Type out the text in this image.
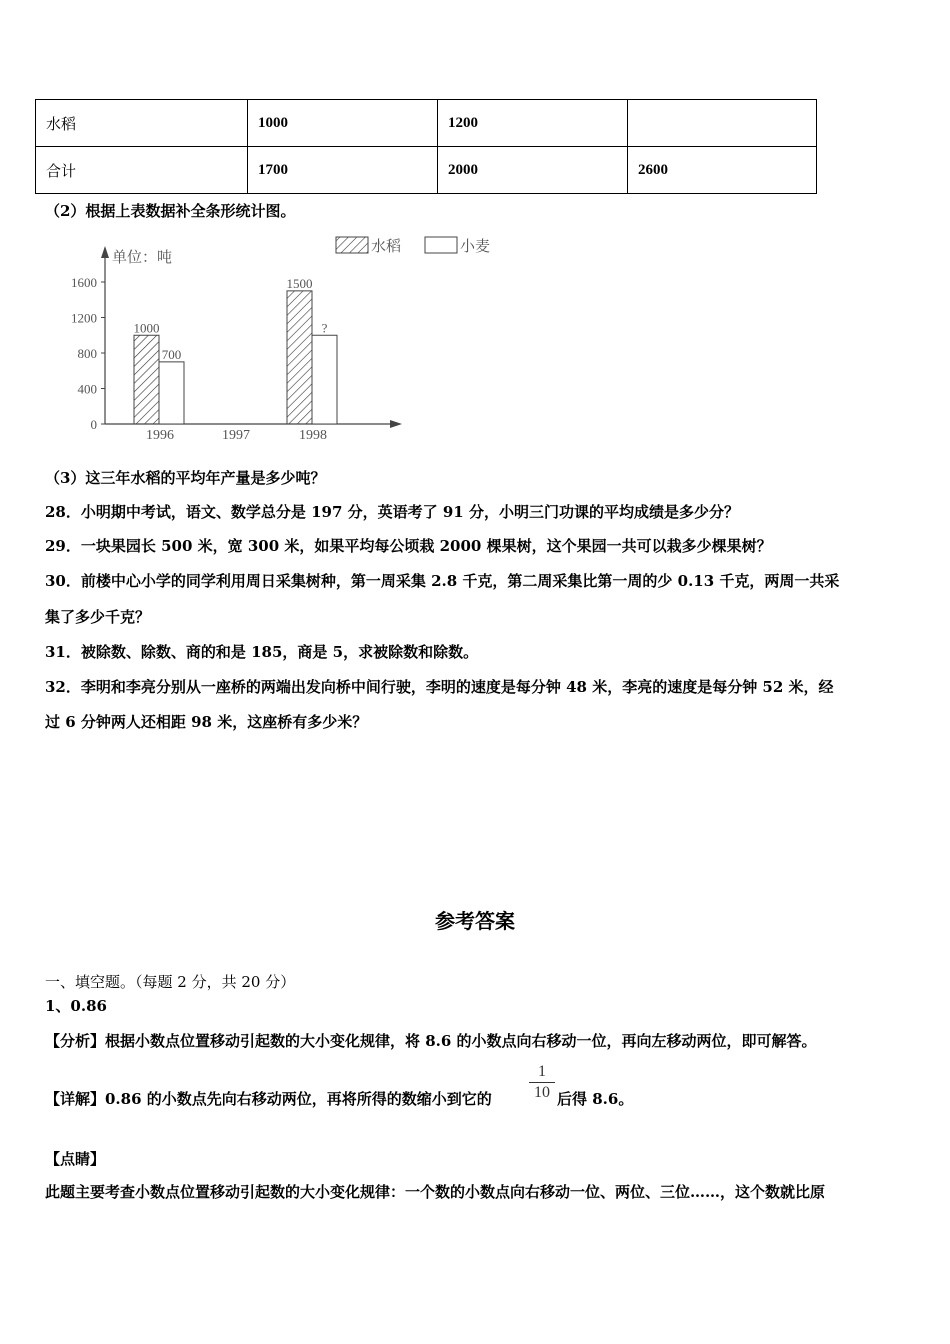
水稻	1000	1200	
合计	1700	2000	2600
（2）根据上表数据补全条形统计图。
单位：吨
水稻	小麦
0
400
800
1200
1600
1996	1997	1998
1000
1500
700
?
（3）这三年水稻的平均年产量是多少吨？
28．小明期中考试，语文、数学总分是 197 分，英语考了 91 分，小明三门功课的平均成绩是多少分？
29．一块果园长 500 米，宽 300 米，如果平均每公顷栽 2000 棵果树，这个果园一共可以栽多少棵果树？
30．前楼中心小学的同学利用周日采集树种，第一周采集 2.8 千克，第二周采集比第一周的少 0.13 千克，两周一共采
集了多少千克？
31．被除数、除数、商的和是 185，商是 5，求被除数和除数。
32．李明和李亮分别从一座桥的两端出发向桥中间行驶，李明的速度是每分钟 48 米，李亮的速度是每分钟 52 米，经
过 6 分钟两人还相距 98 米，这座桥有多少米？
参考答案
一、填空题。（每题 2 分，共 20 分）
1、0.86
【分析】根据小数点位置移动引起数的大小变化规律，将 8.6 的小数点向右移动一位，再向左移动两位，即可解答。
【详解】0.86 的小数点先向右移动两位，再将所得的数缩小到它的
1
10 后得 8.6。
【点睛】
此题主要考查小数点位置移动引起数的大小变化规律：一个数的小数点向右移动一位、两位、三位……，这个数就比原
